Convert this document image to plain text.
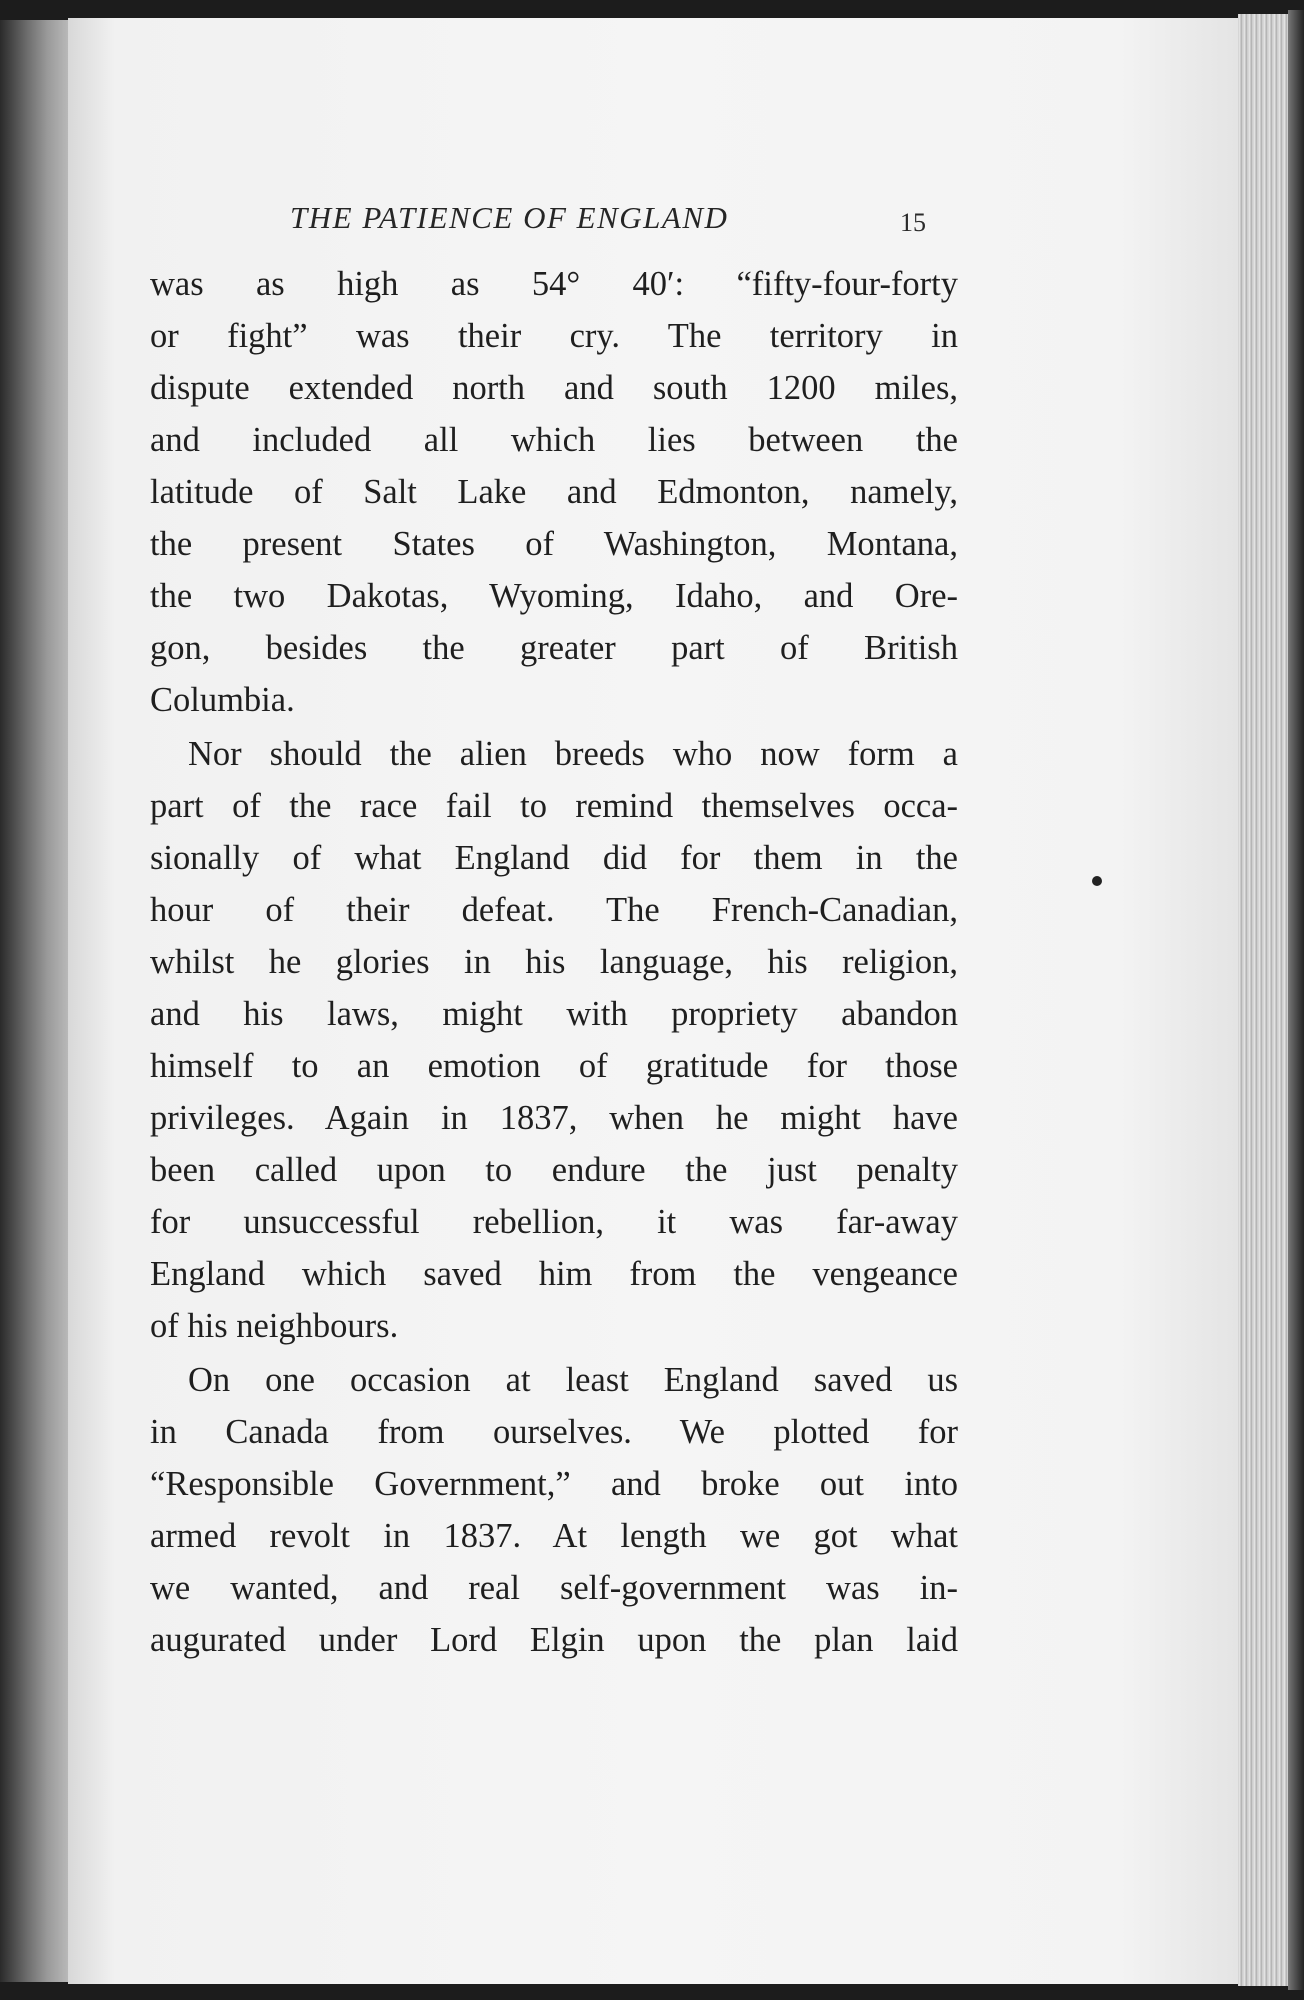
THE PATIENCE OF ENGLAND	15
was as high as 54° 40′: “fifty-four-forty
or fight” was their cry. The territory in
dispute extended north and south 1200 miles,
and included all which lies between the
latitude of Salt Lake and Edmonton, namely,
the present States of Washington, Montana,
the two Dakotas, Wyoming, Idaho, and Ore-
gon, besides the greater part of British
Columbia.
Nor should the alien breeds who now form a
part of the race fail to remind themselves occa-
sionally of what England did for them in the
hour of their defeat. The French-Canadian,
whilst he glories in his language, his religion,
and his laws, might with propriety abandon
himself to an emotion of gratitude for those
privileges. Again in 1837, when he might have
been called upon to endure the just penalty
for unsuccessful rebellion, it was far-away
England which saved him from the vengeance
of his neighbours.
On one occasion at least England saved us
in Canada from ourselves. We plotted for
“Responsible Government,” and broke out into
armed revolt in 1837. At length we got what
we wanted, and real self-government was in-
augurated under Lord Elgin upon the plan laid
